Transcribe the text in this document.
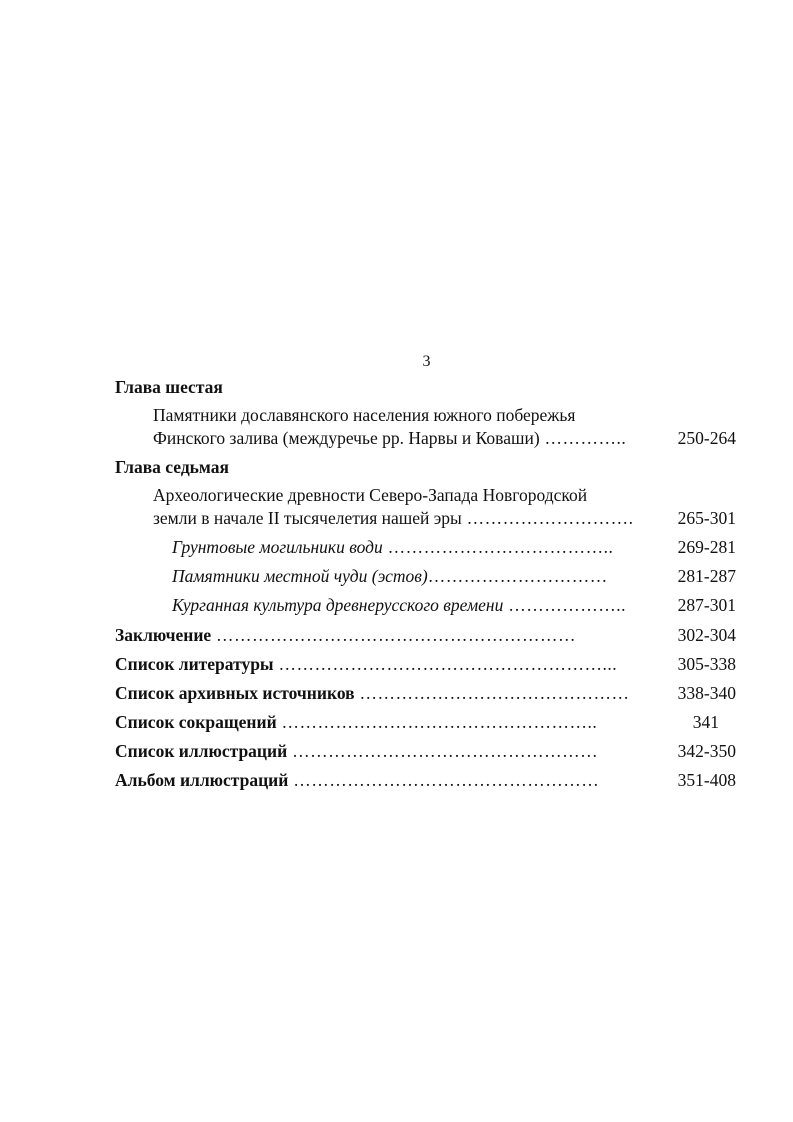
3
Глава шестая
Памятники дославянского населения южного побережья
Финского залива (междуречье рр. Нарвы и Коваши) …………..	250-264
Глава седьмая
Археологические древности Северо-Запада Новгородской
земли в начале II тысячелетия нашей эры ……………………….	265-301
Грунтовые могильники води ………………………………..	269-281
Памятники местной чуди (эстов)…………………………	281-287
Курганная культура древнерусского времени ………………..	287-301
Заключение ……………………………………………………	302-304
Список литературы ………………………………………………...	305-338
Список архивных источников ………………………………………	338-340
Список сокращений ……………………………………………..	341
Список иллюстраций ……………………………………………	342-350
Альбом иллюстраций ……………………………………………	351-408
